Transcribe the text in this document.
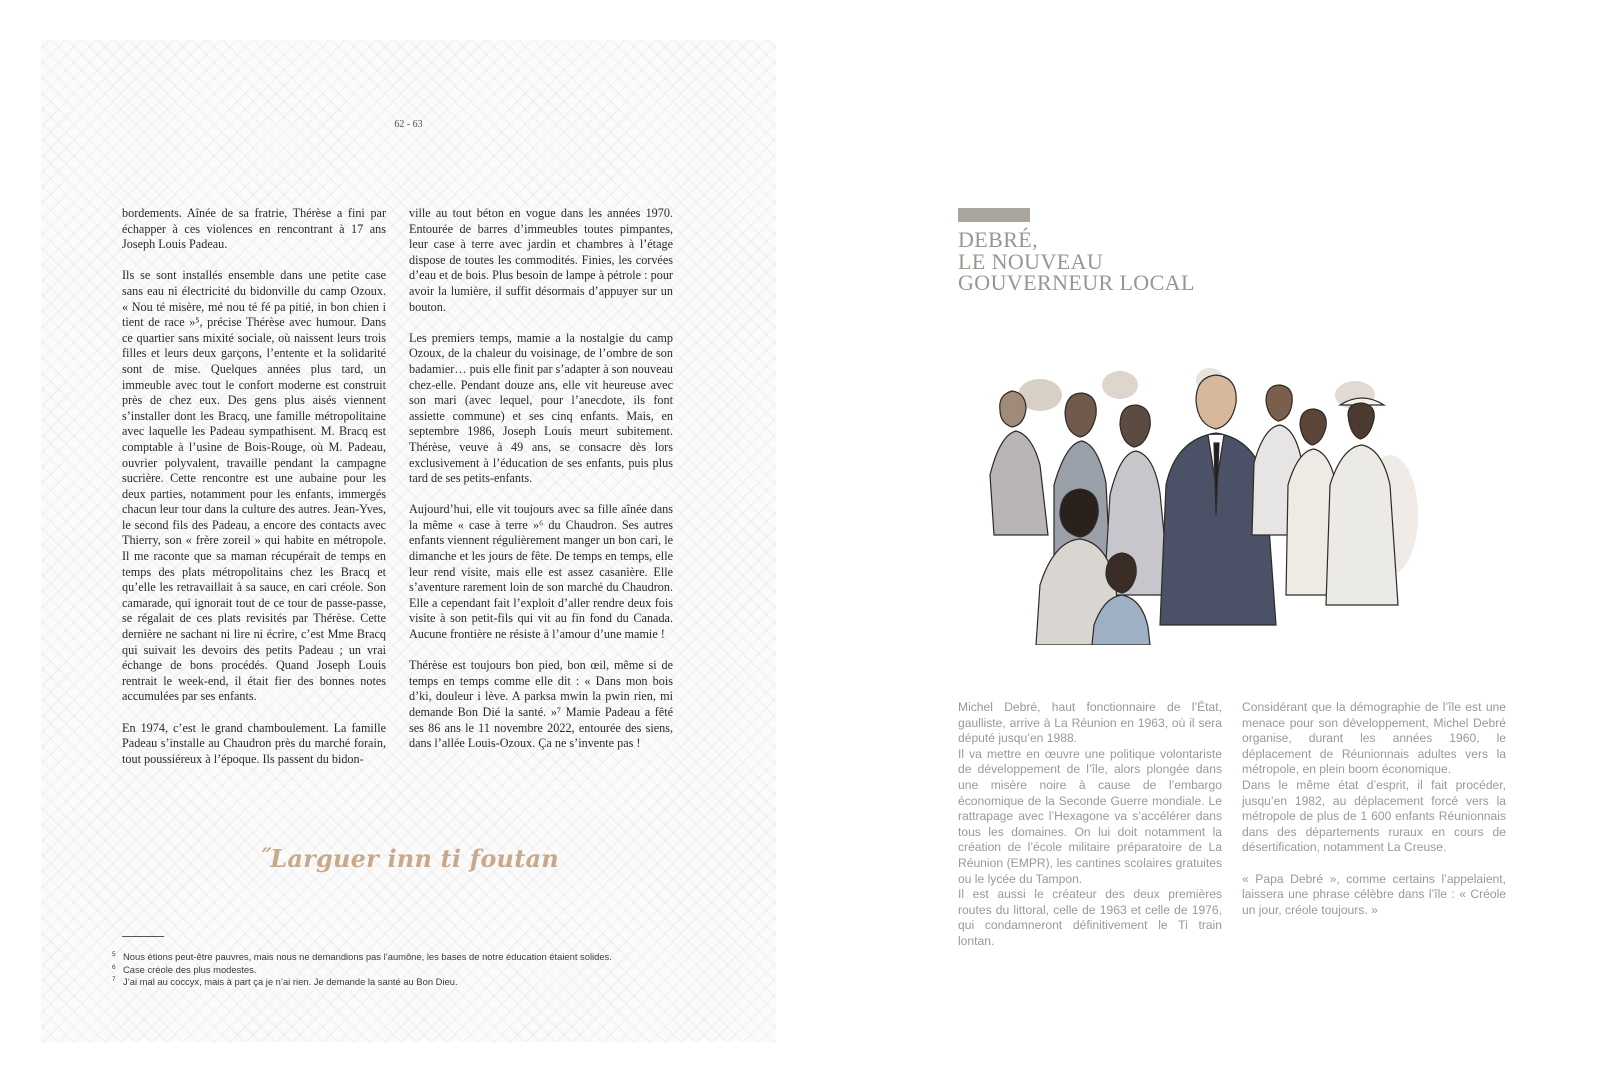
62 - 63

bordements. Aînée de sa fratrie, Thérèse a fini par échapper à ces violences en rencontrant à 17 ans Joseph Louis Padeau.

Ils se sont installés ensemble dans une petite case sans eau ni électricité du bidonville du camp Ozoux. « Nou té misère, mé nou té fé pa pitié, in bon chien i tient de race »⁵, précise Thérèse avec humour. Dans ce quartier sans mixité sociale, où naissent leurs trois filles et leurs deux garçons, l’entente et la solidarité sont de mise. Quelques années plus tard, un immeuble avec tout le confort moderne est construit près de chez eux. Des gens plus aisés viennent s’installer dont les Bracq, une famille métropolitaine avec laquelle les Padeau sympathisent. M. Bracq est comptable à l’usine de Bois-Rouge, où M. Padeau, ouvrier polyvalent, travaille pendant la campagne sucrière. Cette rencontre est une aubaine pour les deux parties, notamment pour les enfants, immergés chacun leur tour dans la culture des autres. Jean-Yves, le second fils des Padeau, a encore des contacts avec Thierry, son « frère zoreil » qui habite en métropole. Il me raconte que sa maman récupérait de temps en temps des plats métropolitains chez les Bracq et qu’elle les retravaillait à sa sauce, en cari créole. Son camarade, qui ignorait tout de ce tour de passe-passe, se régalait de ces plats revisités par Thérèse. Cette dernière ne sachant ni lire ni écrire, c’est Mme Bracq qui suivait les devoirs des petits Padeau ; un vrai échange de bons procédés. Quand Joseph Louis rentrait le week-end, il était fier des bonnes notes accumulées par ses enfants.

En 1974, c’est le grand chamboulement. La famille Padeau s’installe au Chaudron près du marché forain, tout poussiéreux à l’époque. Ils passent du bidon-

ville au tout béton en vogue dans les années 1970. Entourée de barres d’immeubles toutes pimpantes, leur case à terre avec jardin et chambres à l’étage dispose de toutes les commodités. Finies, les corvées d’eau et de bois. Plus besoin de lampe à pétrole : pour avoir la lumière, il suffit désormais d’appuyer sur un bouton.

Les premiers temps, mamie a la nostalgie du camp Ozoux, de la chaleur du voisinage, de l’ombre de son badamier… puis elle finit par s’adapter à son nouveau chez-elle. Pendant douze ans, elle vit heureuse avec son mari (avec lequel, pour l’anecdote, ils font assiette commune) et ses cinq enfants. Mais, en septembre 1986, Joseph Louis meurt subitement. Thérèse, veuve à 49 ans, se consacre dès lors exclusivement à l’éducation de ses enfants, puis plus tard de ses petits-enfants.

Aujourd’hui, elle vit toujours avec sa fille aînée dans la même « case à terre »⁶ du Chaudron. Ses autres enfants viennent régulièrement manger un bon cari, le dimanche et les jours de fête. De temps en temps, elle leur rend visite, mais elle est assez casanière. Elle s’aventure rarement loin de son marché du Chaudron. Elle a cependant fait l’exploit d’aller rendre deux fois visite à son petit-fils qui vit au fin fond du Canada. Aucune frontière ne résiste à l’amour d’une mamie !

Thérèse est toujours bon pied, bon œil, même si de temps en temps comme elle dit : « Dans mon bois d’ki, douleur i lève. A parksa mwin la pwin rien, mi demande Bon Dié la santé. »⁷ Mamie Padeau a fêté ses 86 ans le 11 novembre 2022, entourée des siens, dans l’allée Louis-Ozoux. Ça ne s’invente pas !

˝Larguer inn ti foutan
5 Nous étions peut-être pauvres, mais nous ne demandions pas l’aumône, les bases de notre éducation étaient solides.
6 Case créole des plus modestes.
7 J’ai mal au coccyx, mais à part ça je n’ai rien. Je demande la santé au Bon Dieu.
DEBRÉ,
LE NOUVEAU
GOUVERNEUR LOCAL

Michel Debré, haut fonctionnaire de l’État, gaulliste, arrive à La Réunion en 1963, où il sera député jusqu’en 1988.

Il va mettre en œuvre une politique volontariste de développement de l’île, alors plongée dans une misère noire à cause de l’embargo économique de la Seconde Guerre mondiale. Le rattrapage avec l’Hexagone va s’accélérer dans tous les domaines. On lui doit notamment la création de l’école militaire préparatoire de La Réunion (EMPR), les cantines scolaires gratuites ou le lycée du Tampon.

Il est aussi le créateur des deux premières routes du littoral, celle de 1963 et celle de 1976, qui condamneront définitivement le Ti train lontan.

Considérant que la démographie de l’île est une menace pour son développement, Michel Debré organise, durant les années 1960, le déplacement de Réunionnais adultes vers la métropole, en plein boom économique.

Dans le même état d’esprit, il fait procéder, jusqu’en 1982, au déplacement forcé vers la métropole de plus de 1 600 enfants Réunionnais dans des départements ruraux en cours de désertification, notamment La Creuse.

« Papa Debré », comme certains l’appelaient, laissera une phrase célèbre dans l’île : « Créole un jour, créole toujours. »
